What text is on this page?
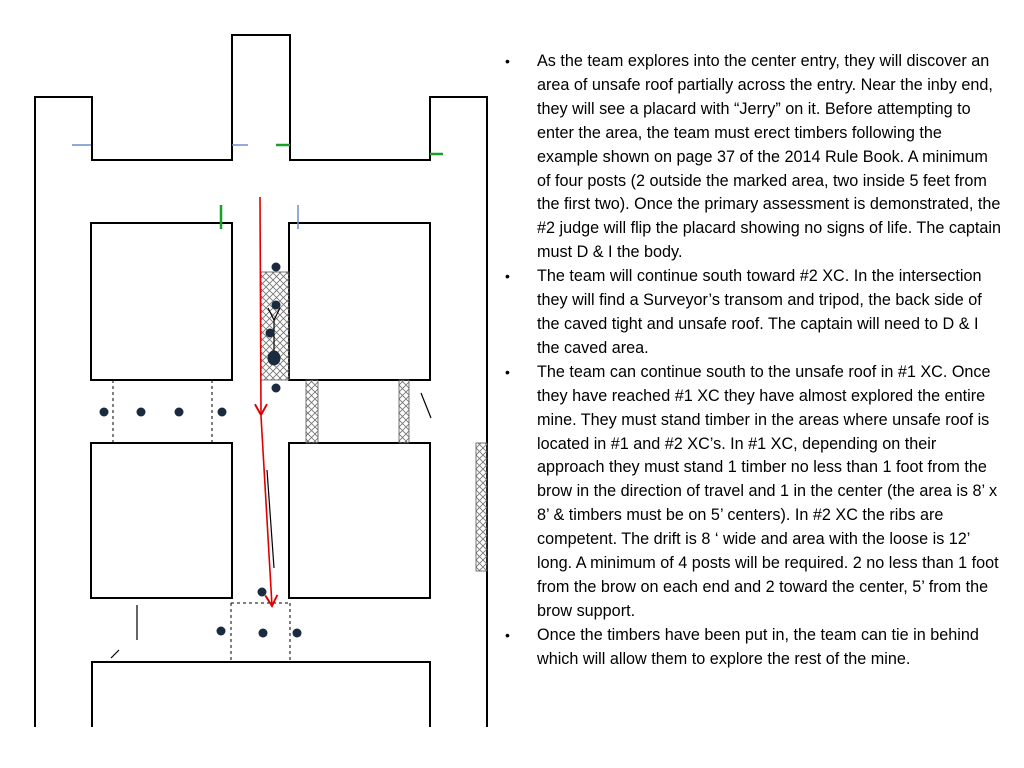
• As the team explores into the center entry, they will discover an area of unsafe roof partially across the entry. Near the inby end, they will see a placard with “Jerry” on it. Before attempting to enter the area, the team must erect timbers following the example shown on page 37 of the 2014 Rule Book. A minimum of four posts (2 outside the marked area, two inside 5 feet from the first two). Once the primary assessment is demonstrated, the #2 judge will flip the placard showing no signs of life. The captain must D & I the body.
• The team will continue south toward #2 XC. In the intersection they will find a Surveyor’s transom and tripod, the back side of the caved tight and unsafe roof. The captain will need to D & I the caved area.
• The team can continue south to the unsafe roof in #1 XC. Once they have reached #1 XC they have almost explored the entire mine. They must stand timber in the areas where unsafe roof is located in #1 and #2 XC’s. In #1 XC, depending on their approach they must stand 1 timber no less than 1 foot from the brow in the direction of travel and 1 in the center (the area is 8’ x 8’ & timbers must be on 5’ centers). In #2 XC the ribs are competent. The drift is 8 ‘ wide and area with the loose is 12’ long. A minimum of 4 posts will be required. 2 no less than 1 foot from the brow on each end and 2 toward the center, 5’ from the brow support.
• Once the timbers have been put in, the team can tie in behind which will allow them to explore the rest of the mine.
